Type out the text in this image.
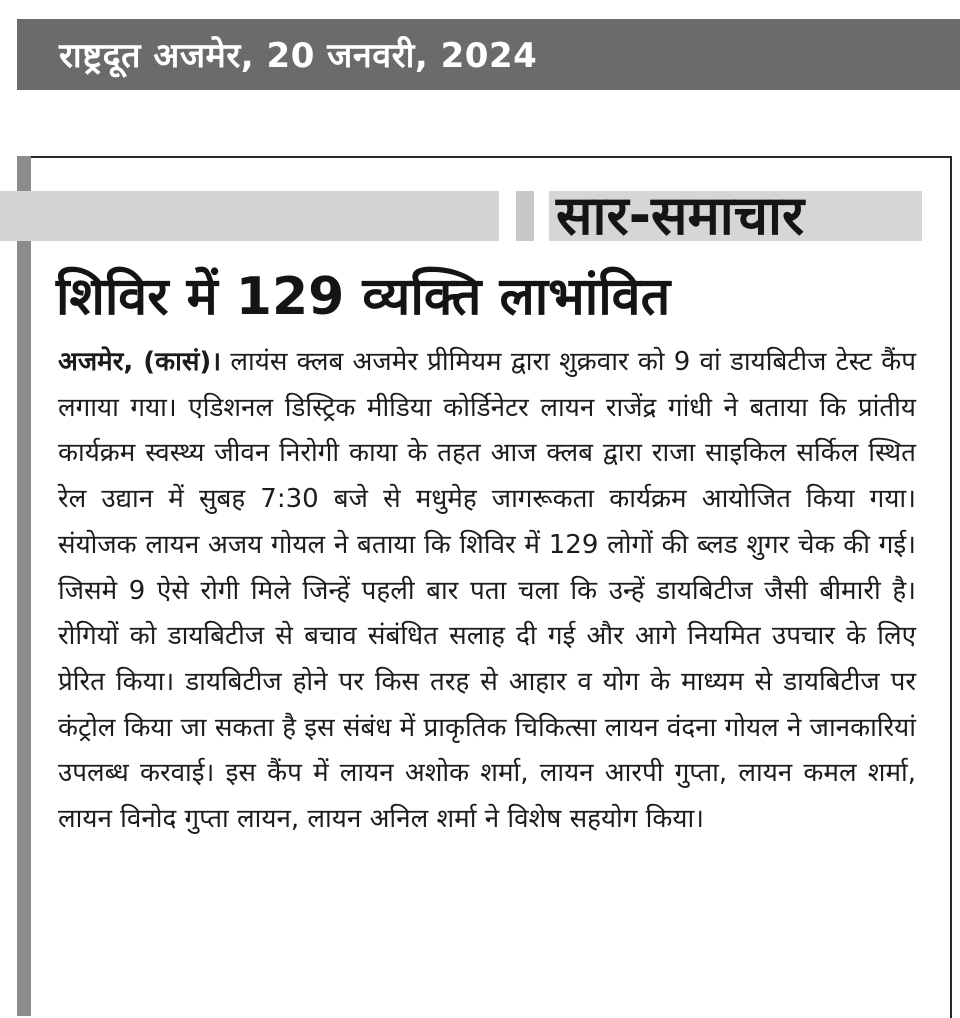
राष्ट्रदूत अजमेर, 20 जनवरी, 2024
सार-समाचार
शिविर में 129 व्यक्ति लाभांवित
अजमेर, (कासं)। लायंस क्लब अजमेर प्रीमियम द्वारा शुक्रवार को 9 वां डायबिटीज टेस्ट कैंप लगाया गया। एडिशनल डिस्ट्रिक मीडिया कोर्डिनेटर लायन राजेंद्र गांधी ने बताया कि प्रांतीय कार्यक्रम स्वस्थ्य जीवन निरोगी काया के तहत आज क्लब द्वारा राजा साइकिल सर्किल स्थित रेल उद्यान में सुबह 7:30 बजे से मधुमेह जागरूकता कार्यक्रम आयोजित किया गया। संयोजक लायन अजय गोयल ने बताया कि शिविर में 129 लोगों की ब्लड शुगर चेक की गई। जिसमे 9 ऐसे रोगी मिले जिन्हें पहली बार पता चला कि उन्हें डायबिटीज जैसी बीमारी है। रोगियों को डायबिटीज से बचाव संबंधित सलाह दी गई और आगे नियमित उपचार के लिए प्रेरित किया। डायबिटीज होने पर किस तरह से आहार व योग के माध्यम से डायबिटीज पर कंट्रोल किया जा सकता है इस संबंध में प्राकृतिक चिकित्सा लायन वंदना गोयल ने जानकारियां उपलब्ध करवाई। इस कैंप में लायन अशोक शर्मा, लायन आरपी गुप्ता, लायन कमल शर्मा, लायन विनोद गुप्ता लायन, लायन अनिल शर्मा ने विशेष सहयोग किया।
